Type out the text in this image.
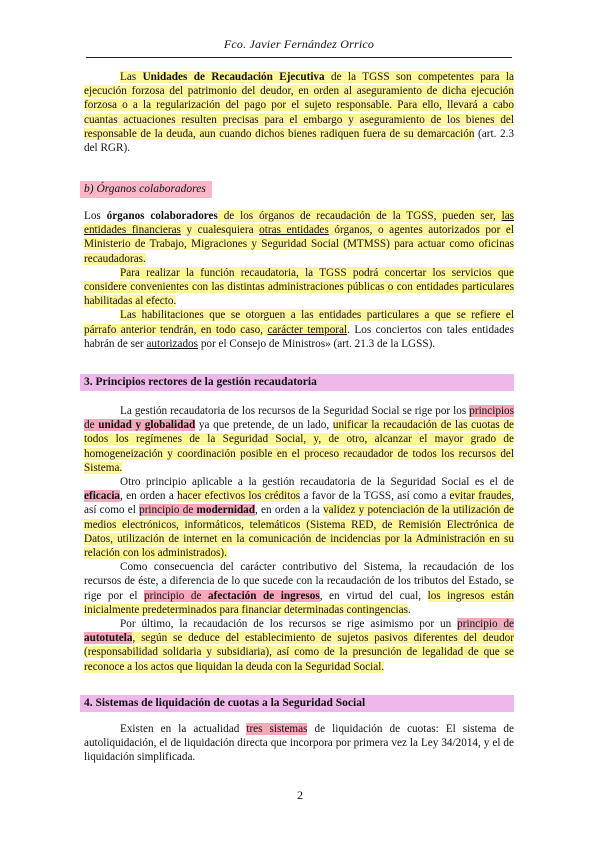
Fco. Javier Fernández Orrico

Las Unidades de Recaudación Ejecutiva de la TGSS son competentes para la ejecución forzosa del patrimonio del deudor, en orden al aseguramiento de dicha ejecución forzosa o a la regularización del pago por el sujeto responsable. Para ello, llevará a cabo cuantas actuaciones resulten precisas para el embargo y aseguramiento de los bienes del responsable de la deuda, aun cuando dichos bienes radiquen fuera de su demarcación (art. 2.3 del RGR).

b) Órganos colaboradores

Los órganos colaboradores de los órganos de recaudación de la TGSS, pueden ser, las entidades financieras y cualesquiera otras entidades órganos, o agentes autorizados por el Ministerio de Trabajo, Migraciones y Seguridad Social (MTMSS) para actuar como oficinas recaudadoras.

Para realizar la función recaudatoria, la TGSS podrá concertar los servicios que considere convenientes con las distintas administraciones públicas o con entidades particulares habilitadas al efecto.

Las habilitaciones que se otorguen a las entidades particulares a que se refiere el párrafo anterior tendrán, en todo caso, carácter temporal. Los conciertos con tales entidades habrán de ser autorizados por el Consejo de Ministros» (art. 21.3 de la LGSS).

3. Principios rectores de la gestión recaudatoria

La gestión recaudatoria de los recursos de la Seguridad Social se rige por los principios de unidad y globalidad ya que pretende, de un lado, unificar la recaudación de las cuotas de todos los regímenes de la Seguridad Social, y, de otro, alcanzar el mayor grado de homogeneización y coordinación posible en el proceso recaudador de todos los recursos del Sistema.

Otro principio aplicable a la gestión recaudatoria de la Seguridad Social es el de eficacia, en orden a hacer efectivos los créditos a favor de la TGSS, así como a evitar fraudes, así como el principio de modernidad, en orden a la validez y potenciación de la utilización de medios electrónicos, informáticos, telemáticos (Sistema RED, de Remisión Electrónica de Datos, utilización de internet en la comunicación de incidencias por la Administración en su relación con los administrados).

Como consecuencia del carácter contributivo del Sistema, la recaudación de los recursos de éste, a diferencia de lo que sucede con la recaudación de los tributos del Estado, se rige por el principio de afectación de ingresos, en virtud del cual, los ingresos están inicialmente predeterminados para financiar determinadas contingencias.

Por último, la recaudación de los recursos se rige asimismo por un principio de autotutela, según se deduce del establecimiento de sujetos pasivos diferentes del deudor (responsabilidad solidaria y subsidiaria), así como de la presunción de legalidad de que se reconoce a los actos que liquidan la deuda con la Seguridad Social.

4. Sistemas de liquidación de cuotas a la Seguridad Social

Existen en la actualidad tres sistemas de liquidación de cuotas: El sistema de autoliquidación, el de liquidación directa que incorpora por primera vez la Ley 34/2014, y el de liquidación simplificada.

2
